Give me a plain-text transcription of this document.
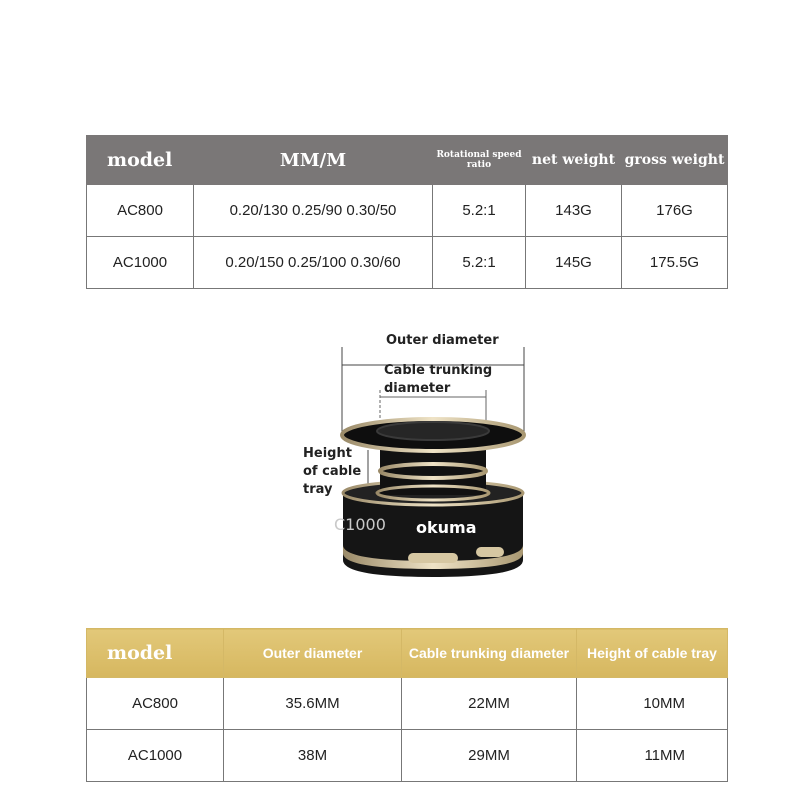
model	MM/M	Rotational speed ratio	net weight	gross weight
AC800	0.20/130 0.25/90 0.30/50	5.2:1	143G	176G
AC1000	0.20/150 0.25/100 0.30/60	5.2:1	145G	175.5G
okuma
C1000
Outer diameter
Cable trunking
diameter
Height
of cable
tray
model	Outer diameter	Cable trunking diameter	Height of cable tray
AC800	35.6MM	22MM	10MM
AC1000	38M	29MM	11MM
